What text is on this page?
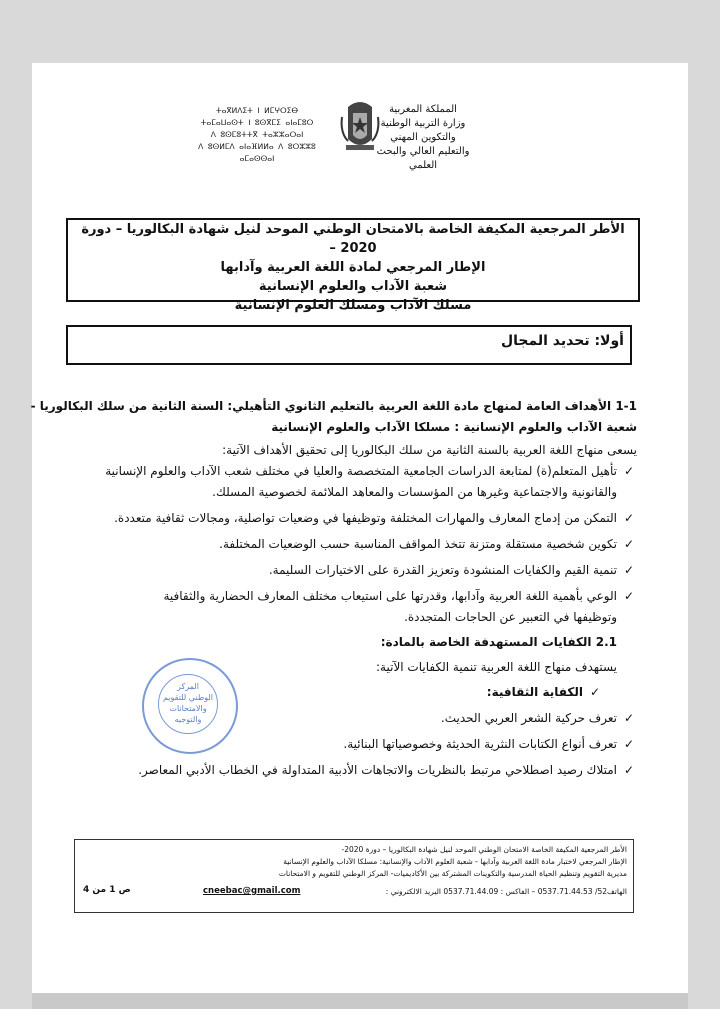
المملكة المغربية
وزارة التربية الوطنية
والتكوين المهني
والتعليم العالي والبحث العلمي
ⵜⴰⴳⵍⴷⵉⵜ ⵏ ⵍⵎⵖⵔⵉⴱ
ⵜⴰⵎⴰⵡⴰⵙⵜ ⵏ ⵓⵙⴳⵎⵉ ⴰⵏⴰⵎⵓⵔ
ⴷ ⵓⵙⵎⵓⵜⵜⴳ ⵜⴰⵣⵣⴰⵔⴰⵏ
ⴷ ⵓⵙⵍⵎⴷ ⴰⵏⴰⴼⵍⵍⴰ ⴷ ⵓⵔⵣⵣⵓ ⴰⵎⴰⵙⵙⴰⵏ
الأطر المرجعية المكيفة الخاصة بالامتحان الوطني الموحد لنيل شهادة البكالوريا – دورة 2020 –
الإطار المرجعي لمادة اللغة العربية وآدابها
شعبة الآداب والعلوم الإنسانية
مسلك الآداب ومسلك العلوم الإنسانية
أولا: تحديد المجال
1-1 الأهداف العامة لمنهاج مادة اللغة العربية بالتعليم الثانوي التأهيلي: السنة الثانية من سلك البكالوريا -
شعبة الآداب والعلوم الإنسانية : مسلكا الآداب والعلوم الإنسانية
يسعى منهاج اللغة العربية بالسنة الثانية من سلك البكالوريا إلى تحقيق الأهداف الآتية:
✓تأهيل المتعلم(ة) لمتابعة الدراسات الجامعية المتخصصة والعليا في مختلف شعب الآداب والعلوم الإنسانية
والقانونية والاجتماعية وغيرها من المؤسسات والمعاهد الملائمة لخصوصية المسلك.
✓التمكن من إدماج المعارف والمهارات المختلفة وتوظيفها في وضعيات تواصلية، ومجالات ثقافية متعددة.
✓تكوين شخصية مستقلة ومتزنة تتخذ المواقف المناسبة حسب الوضعيات المختلفة.
✓تنمية القيم والكفايات المنشودة وتعزيز القدرة على الاختيارات السليمة.
✓الوعي بأهمية اللغة العربية وآدابها، وقدرتها على استيعاب مختلف المعارف الحضارية والثقافية
وتوظيفها في التعبير عن الحاجات المتجددة.
2.1 الكفايات المستهدفة الخاصة بالمادة:
يستهدف منهاج اللغة العربية تنمية الكفايات الآتية:
✓الكفاية الثقافية:
✓تعرف حركية الشعر العربي الحديث.
✓تعرف أنواع الكتابات النثرية الحديثة وخصوصياتها البنائية.
✓امتلاك رصيد اصطلاحي مرتبط بالنظريات والاتجاهات الأدبية المتداولة في الخطاب الأدبي المعاصر.
المركز
الوطني للتقويم
والامتحانات
والتوجيه
الأطر المرجعية المكيفة الخاصة الامتحان الوطني الموحد لنيل شهادة البكالوريا – دورة 2020-
الإطار المرجعي لاختبار مادة اللغة العربية وآدابها - شعبة العلوم الآداب والإنسانية: مسلكا الآداب والعلوم الإنسانية
مديرية التقويم وتنظيم الحياة المدرسية والتكوينات المشتركة بين الأكاديميات- المركز الوطني للتقويم و الامتحانات
الهاتف52/ 0537.71.44.53 – الفاكس : 0537.71.44.09 البريد الالكتروني :
cneebac@gmail.com
ص 1 من 4
